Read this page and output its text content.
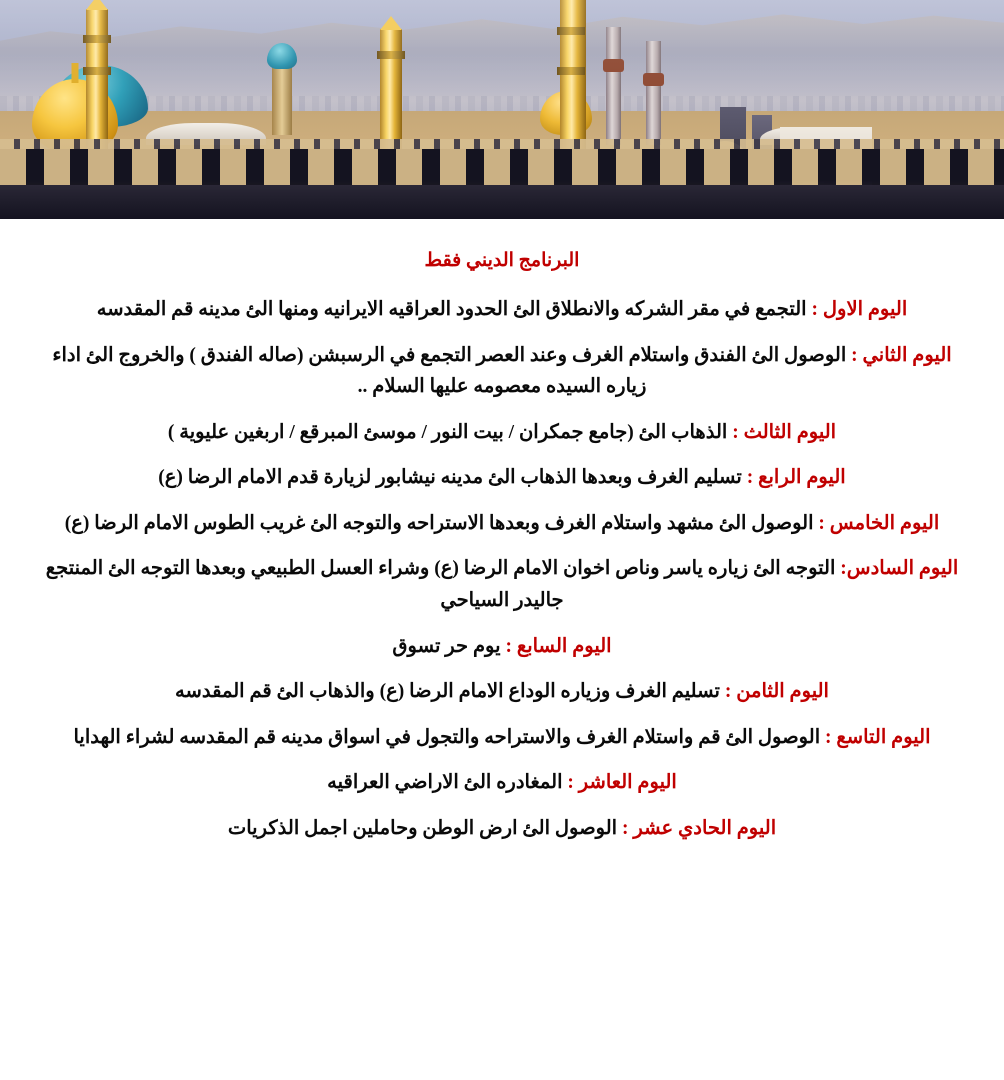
البرنامج الديني فقط

اليوم الاول : التجمع في مقر الشركه والانطلاق الئ الحدود العراقيه الايرانيه ومنها الئ مدينه قم المقدسه

اليوم الثاني : الوصول الئ الفندق واستلام الغرف وعند العصر التجمع في الرسبشن (صاله الفندق ) والخروج الئ اداء زياره السيده معصومه عليها السلام ..

اليوم الثالث : الذهاب الئ (جامع جمكران / بيت النور / موسئ المبرقع / اربغين عليوية )

اليوم الرابع : تسليم الغرف وبعدها الذهاب الئ مدينه نيشابور لزيارة قدم الامام الرضا (ع)

اليوم الخامس : الوصول الئ مشهد واستلام الغرف وبعدها الاستراحه والتوجه الئ غريب الطوس الامام الرضا (ع)

اليوم السادس: التوجه الئ زياره ياسر وناص اخوان الامام الرضا (ع) وشراء العسل الطبيعي وبعدها التوجه الئ المنتجع جاليدر السياحي

اليوم السابع : يوم حر تسوق

اليوم الثامن : تسليم الغرف وزياره الوداع الامام الرضا (ع) والذهاب الئ قم المقدسه

اليوم التاسع : الوصول الئ قم واستلام الغرف والاستراحه والتجول في اسواق مدينه قم المقدسه لشراء الهدايا

اليوم العاشر : المغادره الئ الاراضي العراقيه

اليوم الحادي عشر : الوصول الئ ارض الوطن وحاملين اجمل الذكريات
